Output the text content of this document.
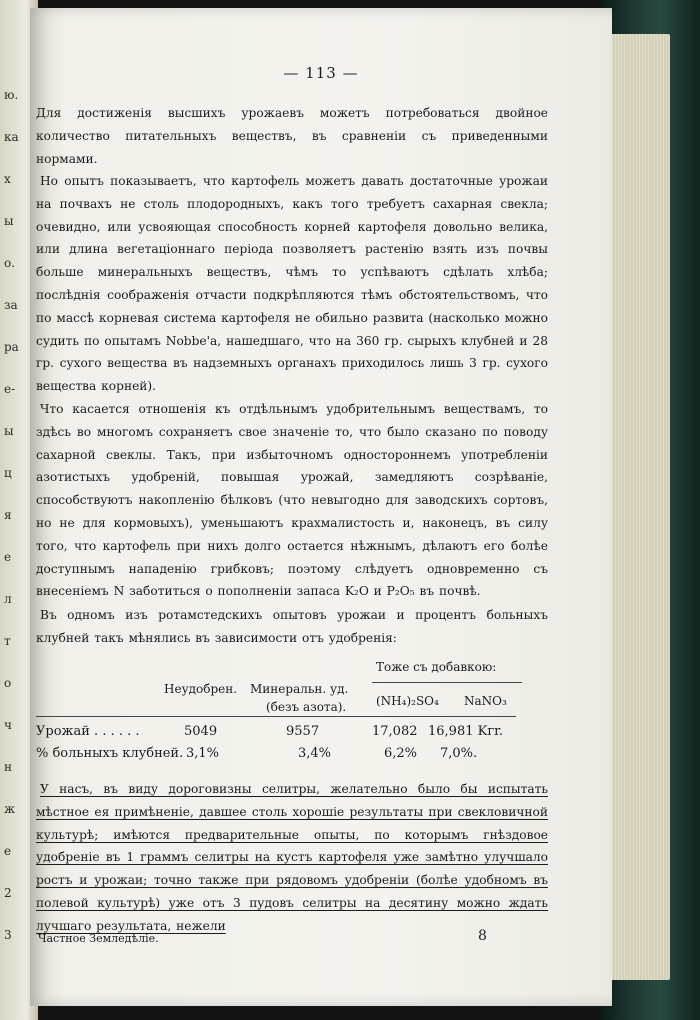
ю.
ка
х
ы
о.
за
ра
е-
ы
ц
я
е
л
т
о
ч
н
ж
е
2
3
— 113 —
Для достиженія высшихъ урожаевъ можетъ потребоваться двойное количество питательныхъ веществъ, въ сравненіи съ приведенными нормами.
Но опытъ показываетъ, что картофель можетъ давать достаточные урожаи на почвахъ не столь плодородныхъ, какъ того требуетъ сахарная свекла; очевидно, или усвояющая способность корней картофеля довольно велика, или длина вегетаціоннаго періода позволяетъ растенію взять изъ почвы больше минеральныхъ веществъ, чѣмъ то успѣваютъ сдѣлать хлѣба; послѣднія соображенія отчасти подкрѣпляются тѣмъ обстоятельствомъ, что по массѣ корневая система картофеля не обильно развита (насколько можно судить по опытамъ Nobbe'a, нашедшаго, что на 360 гр. сырыхъ клубней и 28 гр. сухого вещества въ надземныхъ органахъ приходилось лишь 3 гр. сухого вещества корней).
Что касается отношенія къ отдѣльнымъ удобрительнымъ веществамъ, то здѣсь во многомъ сохраняетъ свое значеніе то, что было сказано по поводу сахарной свеклы. Такъ, при избыточномъ одностороннемъ употребленіи азотистыхъ удобреній, повышая урожай, замедляютъ созрѣваніе, способствуютъ накопленію бѣлковъ (что невыгодно для заводскихъ сортовъ, но не для кормовыхъ), уменьшаютъ крахмалистость и, наконецъ, въ силу того, что картофель при нихъ долго остается нѣжнымъ, дѣлаютъ его болѣе доступнымъ нападенію грибковъ; поэтому слѣдуетъ одновременно съ внесеніемъ N заботиться о пополненіи запаса K₂O и P₂O₅ въ почвѣ.
Въ одномъ изъ ротамстедскихъ опытовъ урожаи и процентъ больныхъ клубней такъ мѣнялись въ зависимости отъ удобренія:
Тоже съ добавкою:
Неудобрен. Минеральн. уд.
(безъ азота). (NH₄)₂SO₄ NaNO₃
Урожай . . . . . .	5049	9557	17,082 16,981 Kгr.
% больныхъ клубней. 3,1%	3,4%	6,2% 7,0%.
У насъ, въ виду дороговизны селитры, желательно было бы испытать мѣстное ея примѣненіе, давшее столь хорошіе результаты при свекловичной культурѣ; имѣются предварительные опыты, по которымъ гнѣздовое удобреніе въ 1 граммъ селитры на кустъ картофеля уже замѣтно улучшало ростъ и урожаи; точно также при рядовомъ удобреніи (болѣе удобномъ въ полевой культурѣ) уже отъ 3 пудовъ селитры на десятину можно ждать лучшаго результата, нежели
Частное Земледѣліе.	8
